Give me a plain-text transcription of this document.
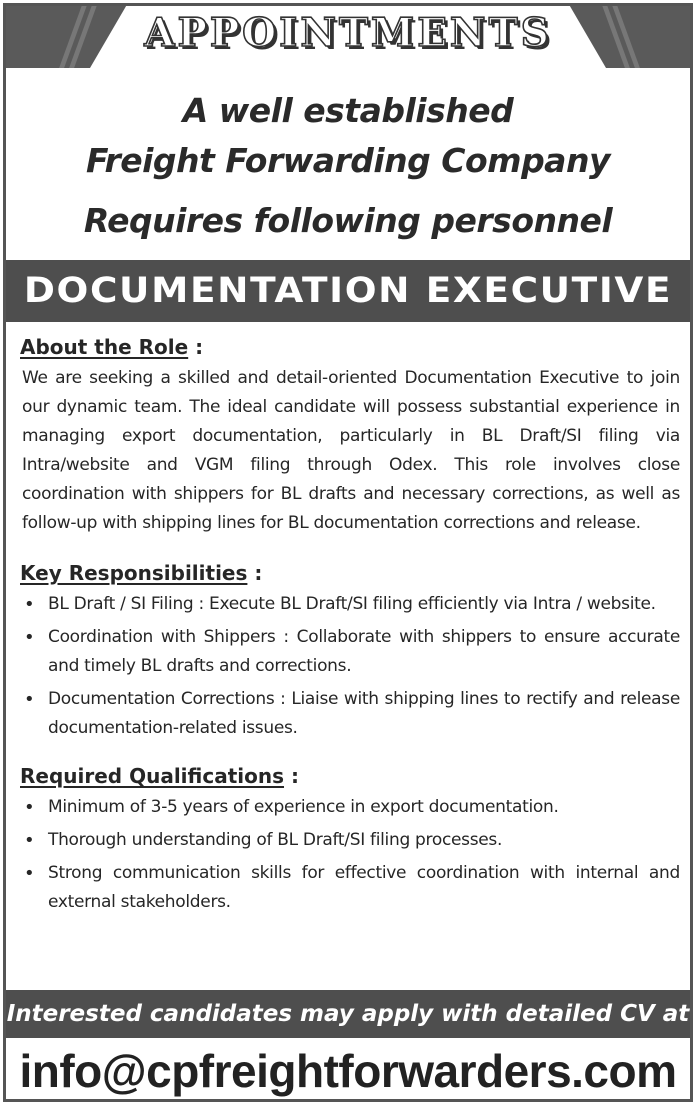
APPOINTMENTS
A well established
Freight Forwarding Company
Requires following personnel
DOCUMENTATION EXECUTIVE
About the Role :
We are seeking a skilled and detail-oriented Documentation Executive to join our dynamic team. The ideal candidate will possess substantial experience in managing export documentation, particularly in BL Draft/SI filing via Intra/website and VGM filing through Odex. This role involves close coordination with shippers for BL drafts and necessary corrections, as well as follow-up with shipping lines for BL documentation corrections and release.
Key Responsibilities :
• BL Draft / SI Filing : Execute BL Draft/SI filing efficiently via Intra / website.
• Coordination with Shippers : Collaborate with shippers to ensure accurate and timely BL drafts and corrections.
• Documentation Corrections : Liaise with shipping lines to rectify and release documentation-related issues.
Required Qualifications :
• Minimum of 3-5 years of experience in export documentation.
• Thorough understanding of BL Draft/SI filing processes.
• Strong communication skills for effective coordination with internal and external stakeholders.
Interested candidates may apply with detailed CV at
info@cpfreightforwarders.com
